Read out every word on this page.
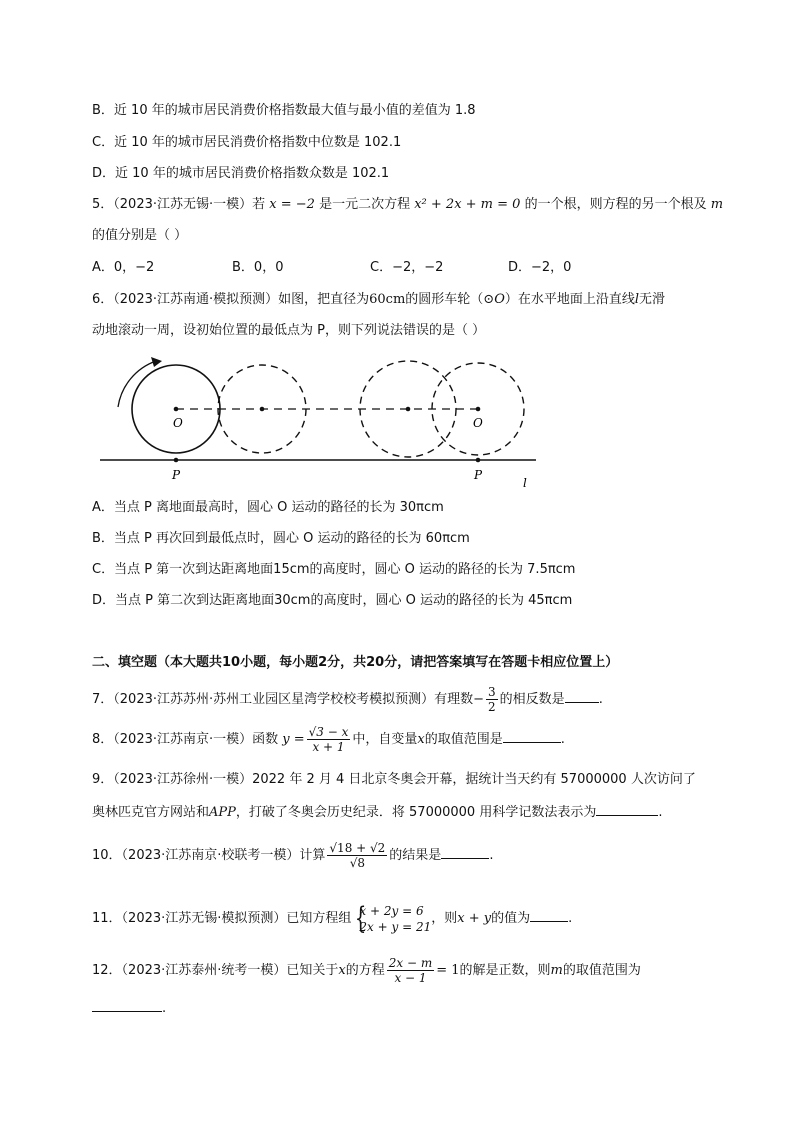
B．近 10 年的城市居民消费价格指数最大值与最小值的差值为 1.8
C．近 10 年的城市居民消费价格指数中位数是 102.1
D．近 10 年的城市居民消费价格指数众数是 102.1
5．（2023·江苏无锡·一模）若 x = −2 是一元二次方程 x² + 2x + m = 0 的一个根，则方程的另一个根及 m
的值分别是（ ）
A．0，−2	B．0，0	C．−2，−2	D．−2，0
6．（2023·江苏南通·模拟预测）如图，把直径为60cm的圆形车轮（⊙O）在水平地面上沿直线l无滑
动地滚动一周，设初始位置的最低点为 P，则下列说法错误的是（ ）
O	O
P	P
l
A．当点 P 离地面最高时，圆心 O 运动的路径的长为 30πcm
B．当点 P 再次回到最低点时，圆心 O 运动的路径的长为 60πcm
C．当点 P 第一次到达距离地面15cm的高度时，圆心 O 运动的路径的长为 7.5πcm
D．当点 P 第二次到达距离地面30cm的高度时，圆心 O 运动的路径的长为 45πcm
二、填空题（本大题共10小题，每小题2分，共20分，请把答案填写在答题卡相应位置上）
7．（2023·江苏苏州·苏州工业园区星湾学校校考模拟预测）有理数− $\frac{3}{2}$ 的相反数是	.
8．（2023·江苏南京·一模）函数 $y = \frac{√3 - x}{x + 1}$ 中，自变量x的取值范围是	.
9．（2023·江苏徐州·一模）2022 年 2 月 4 日北京冬奥会开幕，据统计当天约有 57000000 人次访问了
奥林匹克官方网站和APP，打破了冬奥会历史纪录．将 57000000 用科学记数法表示为	.
10．（2023·江苏南京·校联考一模）计算 $\frac{√18 + √2}{√8}$ 的结果是	.
11．（2023·江苏无锡·模拟预测）已知方程组 {
x + 2y = 6
2x + y = 21
，则x + y的值为	.
12．（2023·江苏泰州·统考一模）已知关于x的方程 $\frac{2x - m}{x - 1} = 1$的解是正数，则m的取值范围为
.
